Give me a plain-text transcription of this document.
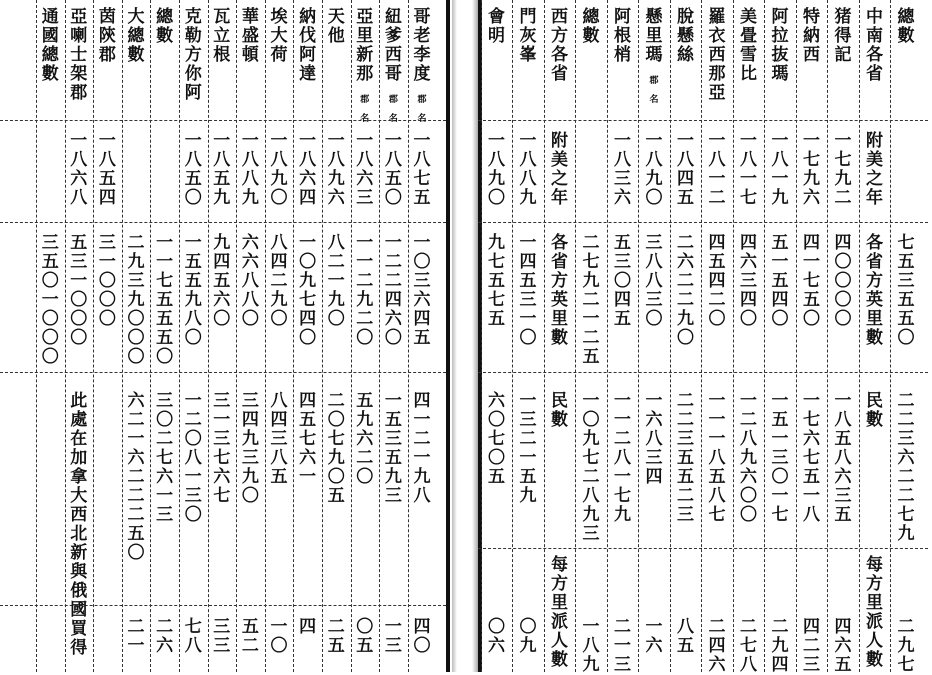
哥
老
李
度
郡
名
一
八
七
五
一
〇
三
六
四
五
四
一
二
一
九
八
四
〇
紐
爹
西
哥
郡
名
一
八
五
〇
一
二
二
四
六
〇
一
五
三
五
九
三
一
三
亞
里
新
那
郡
名
一
八
六
三
一
一
二
九
二
〇
五
九
六
二
〇
〇
五
天
他
一
八
九
六
八
二
一
九
〇
二
〇
七
九
〇
五
二
五
納
伐
阿
達
一
八
六
四
一
〇
九
七
四
〇
四
五
七
六
一
四
埃
大
荷
一
八
九
〇
八
四
二
九
〇
八
四
三
八
五
一
〇
華
盛
頓
一
八
八
九
六
六
八
八
〇
三
四
九
三
九
〇
五
二
瓦
立
根
一
八
五
九
九
四
五
六
〇
三
一
三
七
六
七
三
三
克
勒
方
你
阿
一
八
五
〇
一
五
五
九
八
〇
一
二
〇
八
一
三
〇
七
八
總
數
一
一
七
五
五
五
〇
三
〇
二
七
六
一
三
二
六
大
總
數
二
九
三
九
〇
〇
〇
六
二
一
六
二
二
二
五
〇
二
一
茵
陝
郡
一
八
五
四
三
一
〇
〇
〇
亞
喇
士
架
郡
一
八
六
八
五
三
一
〇
〇
〇
此
處
在
加
拿
大
西
北
新
與
俄
國
買
得
通
國
總
數
三
五
〇
一
〇
〇
〇
總
數
七
五
三
五
五
〇
二
二
三
六
二
二
七
九
二
九
七
中
南
各
省
附
美
之
年
各
省
方
英
里
數
民
數
每
方
里
派
人
數
猪
得
記
一
七
九
二
四
〇
〇
〇
〇
一
八
五
八
六
三
五
四
六
五
特
納
西
一
七
九
六
四
一
七
五
〇
一
七
六
七
五
一
八
四
二
三
阿
拉
抜
瑪
一
八
一
九
五
一
五
四
〇
一
五
一
三
〇
一
七
二
九
四
美
畳
雪
比
一
八
一
七
四
六
三
四
〇
一
二
八
九
六
〇
〇
二
七
八
羅
衣
西
那
亞
一
八
一
二
四
五
四
二
〇
一
一
一
八
五
八
七
二
四
六
脫
懸
絲
一
八
四
五
二
六
二
二
九
〇
二
二
三
五
五
二
三
八
五
懸
里
瑪
郡
名
一
八
九
〇
三
八
八
三
〇
一
六
八
三
四
一
六
阿
根
梢
一
八
三
六
五
三
〇
四
五
一
一
二
八
一
七
九
二
一
三
總
數
二
七
九
二
一
二
五
一
〇
九
七
二
八
九
三
一
八
九
西
方
各
省
附
美
之
年
各
省
方
英
里
數
民
數
每
方
里
派
人
數
門
灰
峯
一
八
八
九
一
四
五
三
一
〇
一
三
二
一
五
九
〇
九
會
明
一
八
九
〇
九
七
五
七
五
六
〇
七
〇
五
〇
六
